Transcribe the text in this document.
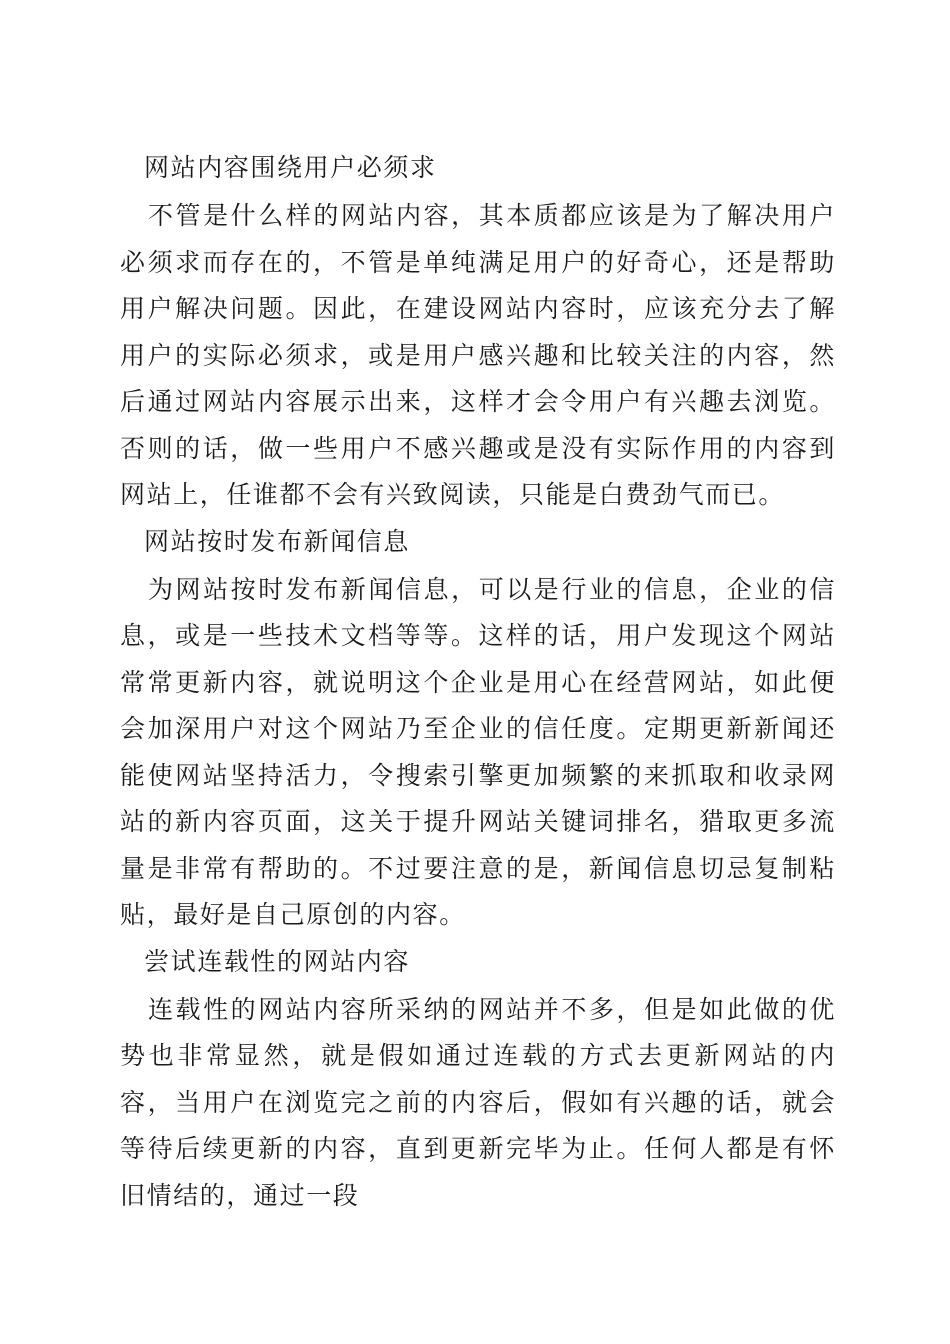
网站内容围绕用户必须求

不管是什么样的网站内容，其本质都应该是为了解决用户必须求而存在的，不管是单纯满足用户的好奇心，还是帮助用户解决问题。因此，在建设网站内容时，应该充分去了解用户的实际必须求，或是用户感兴趣和比较关注的内容，然后通过网站内容展示出来，这样才会令用户有兴趣去浏览。否则的话，做一些用户不感兴趣或是没有实际作用的内容到网站上，任谁都不会有兴致阅读，只能是白费劲气而已。

网站按时发布新闻信息

为网站按时发布新闻信息，可以是行业的信息，企业的信息，或是一些技术文档等等。这样的话，用户发现这个网站常常更新内容，就说明这个企业是用心在经营网站，如此便会加深用户对这个网站乃至企业的信任度。定期更新新闻还能使网站坚持活力，令搜索引擎更加频繁的来抓取和收录网站的新内容页面，这关于提升网站关键词排名，猎取更多流量是非常有帮助的。不过要注意的是，新闻信息切忌复制粘贴，最好是自己原创的内容。

尝试连载性的网站内容

连载性的网站内容所采纳的网站并不多，但是如此做的优势也非常显然，就是假如通过连载的方式去更新网站的内容，当用户在浏览完之前的内容后，假如有兴趣的话，就会等待后续更新的内容，直到更新完毕为止。任何人都是有怀旧情结的，通过一段
